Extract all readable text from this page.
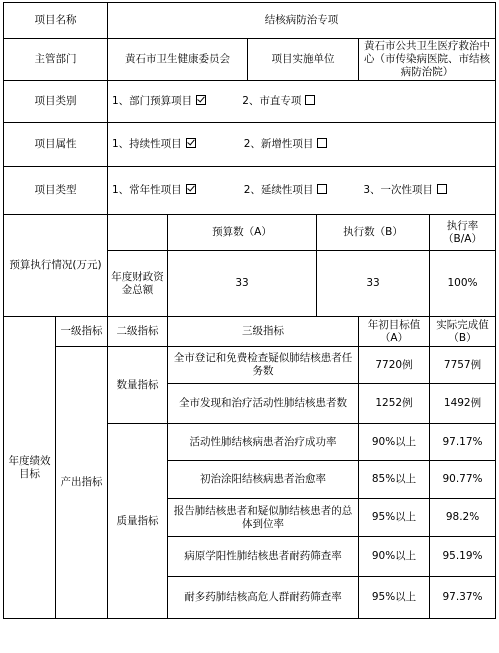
项目名称		结核病防治专项					
主管部门		黄石市卫生健康委员会		项目实施单位		黄石市公共卫生医疗救治中心（市传染病医院、市结核病防治院）	
项目类别		1、部门预算项目 2、市直专项					
项目属性		1、持续性项目 2、新增性项目					
项目类型		1、常年性项目 2、延续性项目 3、一次性项目					
预算执行情况(万元)			预算数（A）		执行数（B）		执行率（B/A）
		年度财政资金总额	33		33		100%
年度绩效目标	一级指标	二级指标	三级指标			年初目标值（A）	实际完成值（B）
	产出指标	数量指标	全市登记和免费检查疑似肺结核患者任务数			7720例	7757例
			全市发现和治疗活动性肺结核患者数			1252例	1492例
		质量指标	活动性肺结核病患者治疗成功率			90%以上	97.17%
			初治涂阳结核病患者治愈率			85%以上	90.77%
			报告肺结核患者和疑似肺结核患者的总体到位率			95%以上	98.2%
			病原学阳性肺结核患者耐药筛查率			90%以上	95.19%
			耐多药肺结核高危人群耐药筛查率			95%以上	97.37%
